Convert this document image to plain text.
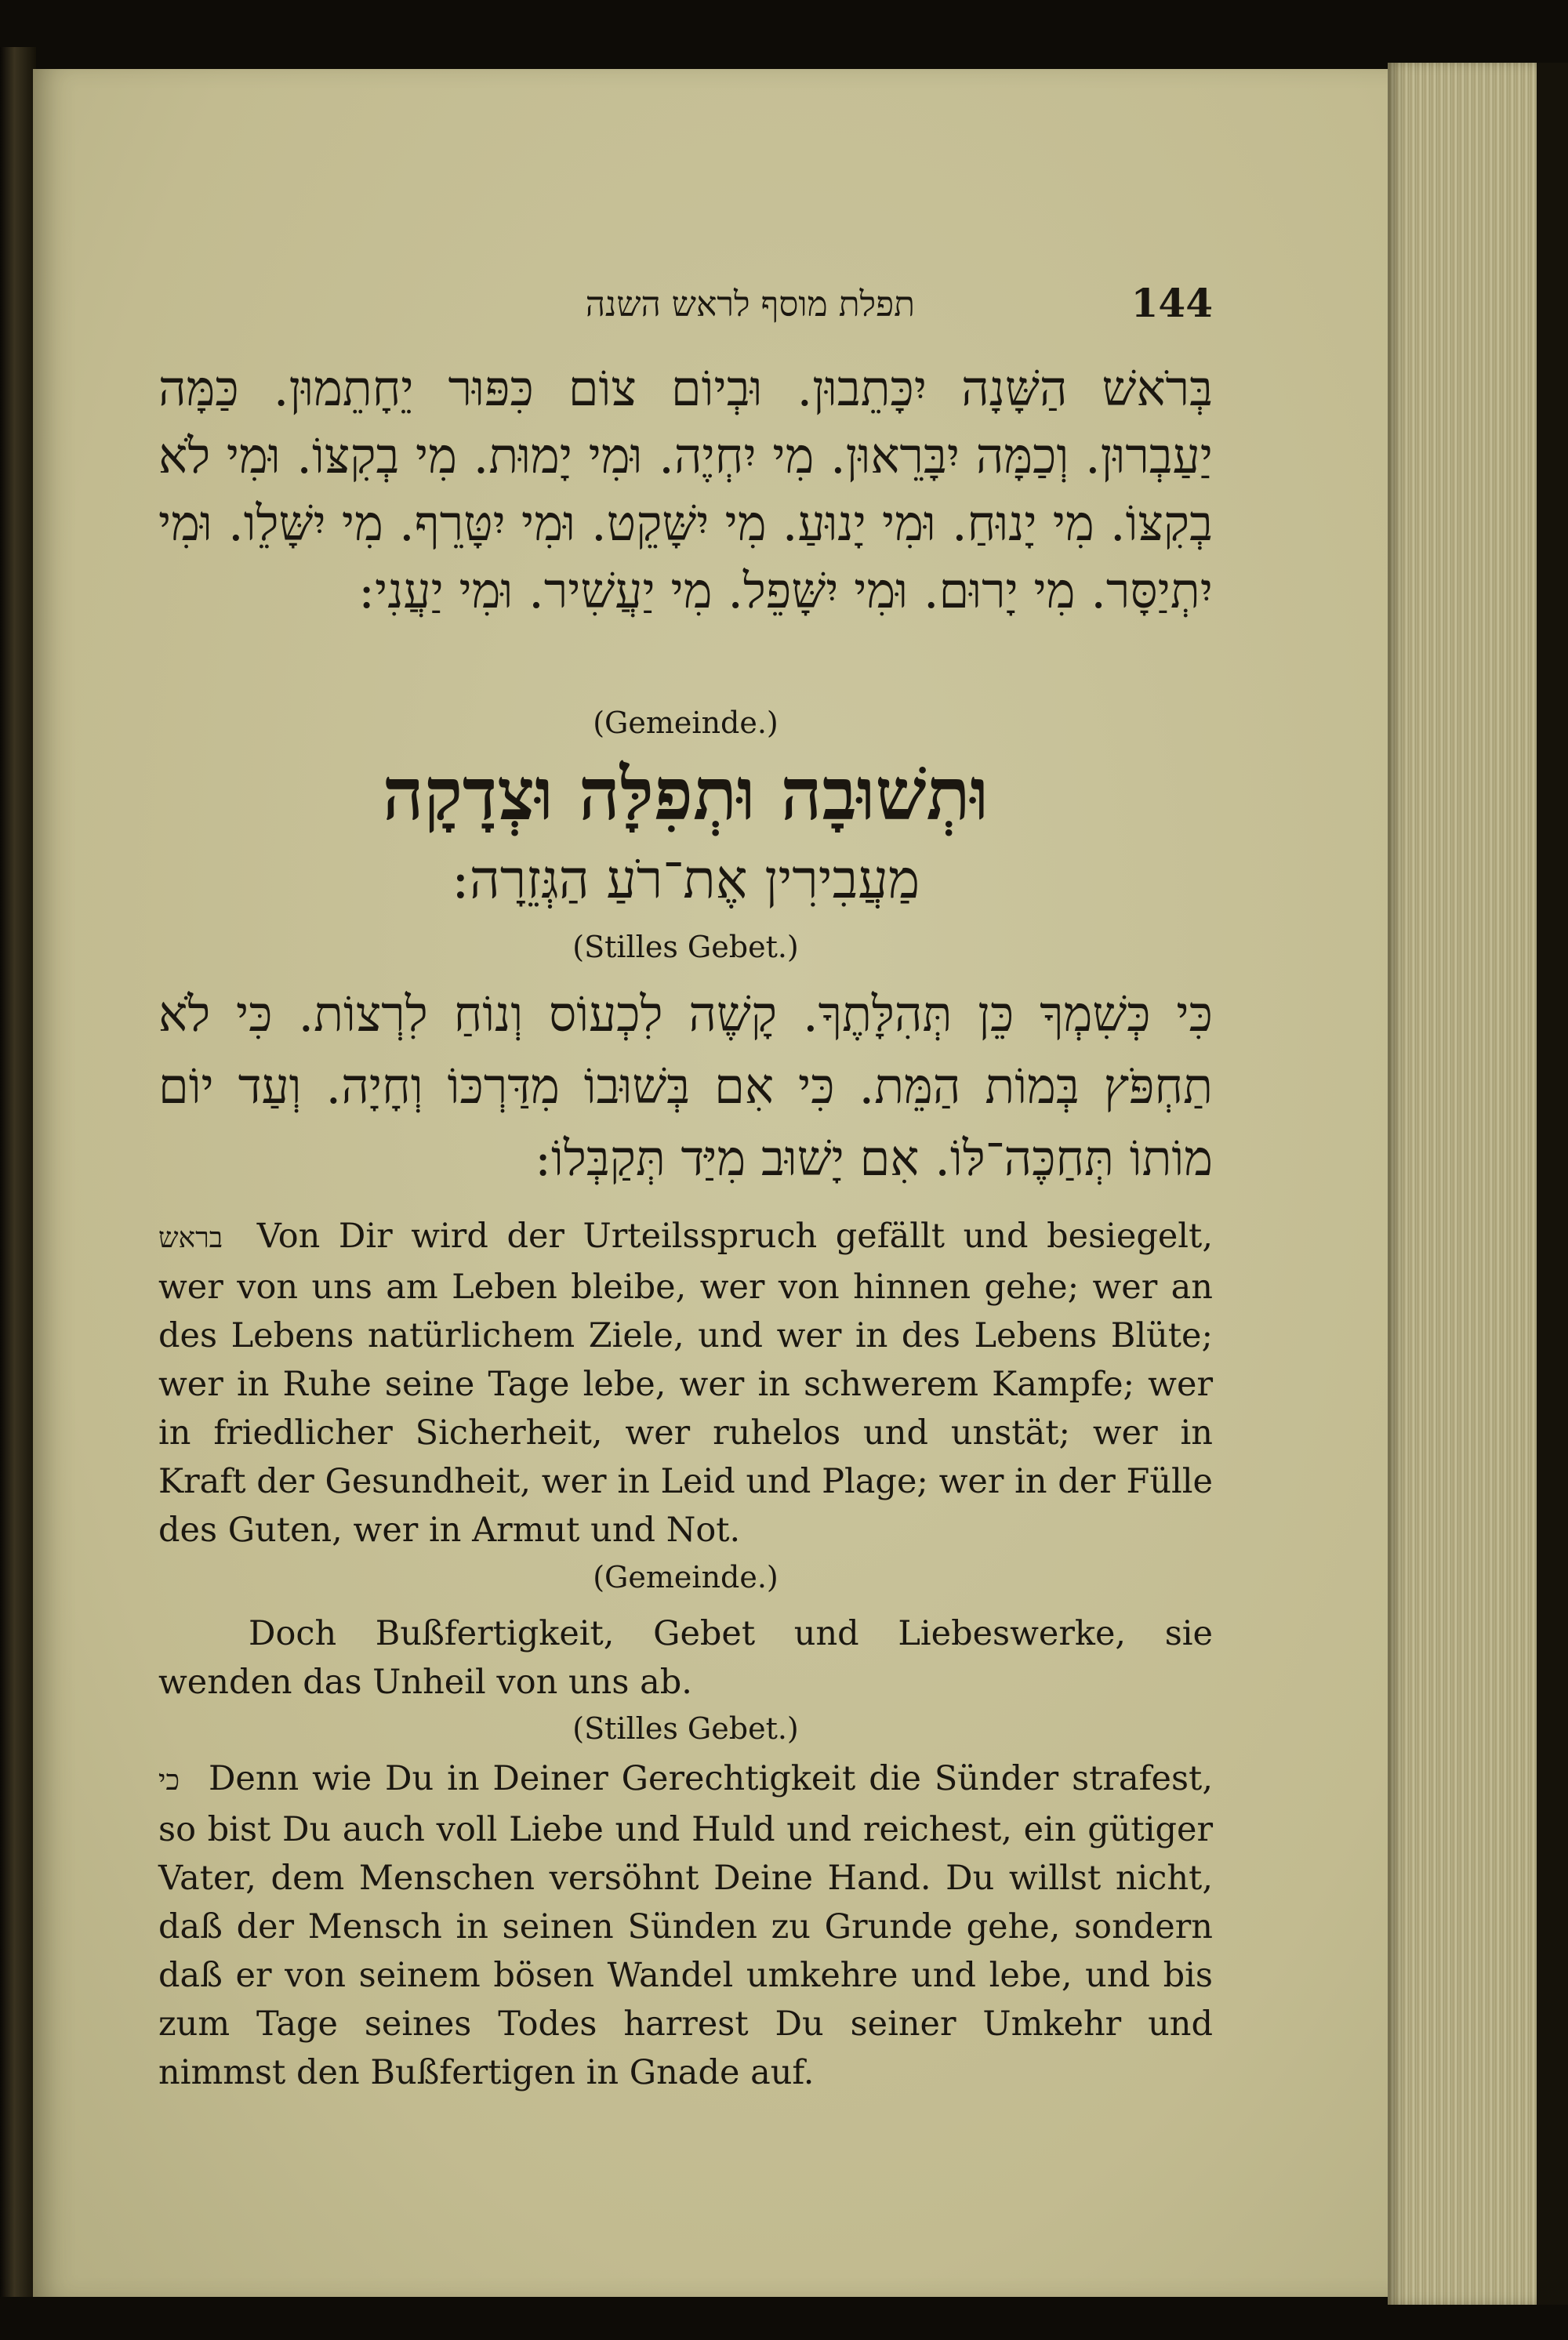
תפלת מוסף לראש השנה	144
בְּרֹאשׁ הַשָּׁנָה יִכָּתֵבוּן. וּבְיוֹם צוֹם כִּפּוּר יֵחָתֵמוּן. כַּמָּה יַעַבְרוּן. וְכַמָּה יִבָּרֵאוּן. מִי יִחְיֶה. וּמִי יָמוּת. מִי בְקִצּוֹ. וּמִי לֹא בְקִצּוֹ. מִי יָנוּחַ. וּמִי יָנוּעַ. מִי יִשָּׁקֵט. וּמִי יִטָּרֵף. מִי יִשָּׁלֵו. וּמִי יִתְיַסָּר. מִי יָרוּם. וּמִי יִשָּׁפֵל. מִי יַעֲשִׁיר. וּמִי יַעֲנִי:
(Gemeinde.)
וּתְשׁוּבָה וּתְפִלָּה וּצְדָקָה
מַעֲבִירִין אֶת־רֹעַ הַגְּזֵרָה:
(Stilles Gebet.)
כִּי כְּשִׁמְךָ כֵּן תְּהִלָּתֶךָ. קָשֶׁה לִכְעוֹס וְנוֹחַ לִרְצוֹת. כִּי לֹא תַחְפֹּץ בְּמוֹת הַמֵּת. כִּי אִם בְּשׁוּבוֹ מִדַּרְכּוֹ וְחָיָה. וְעַד יוֹם מוֹתוֹ תְּחַכֶּה־לּוֹ. אִם יָשׁוּב מִיַּד תְּקַבְּלוֹ:
בראש Von Dir wird der Urteilsspruch gefällt und besiegelt, wer von uns am Leben bleibe, wer von hinnen gehe; wer an des Lebens natürlichem Ziele, und wer in des Lebens Blüte; wer in Ruhe seine Tage lebe, wer in schwerem Kampfe; wer in friedlicher Sicherheit, wer ruhelos und unstät; wer in Kraft der Gesundheit, wer in Leid und Plage; wer in der Fülle des Guten, wer in Armut und Not.
(Gemeinde.)
Doch Bußfertigkeit, Gebet und Liebeswerke, sie wenden das Unheil von uns ab.
(Stilles Gebet.)
כי Denn wie Du in Deiner Gerechtigkeit die Sünder strafest, so bist Du auch voll Liebe und Huld und reichest, ein gütiger Vater, dem Menschen versöhnt Deine Hand. Du willst nicht, daß der Mensch in seinen Sünden zu Grunde gehe, sondern daß er von seinem bösen Wandel umkehre und lebe, und bis zum Tage seines Todes harrest Du seiner Umkehr und nimmst den Bußfertigen in Gnade auf.
